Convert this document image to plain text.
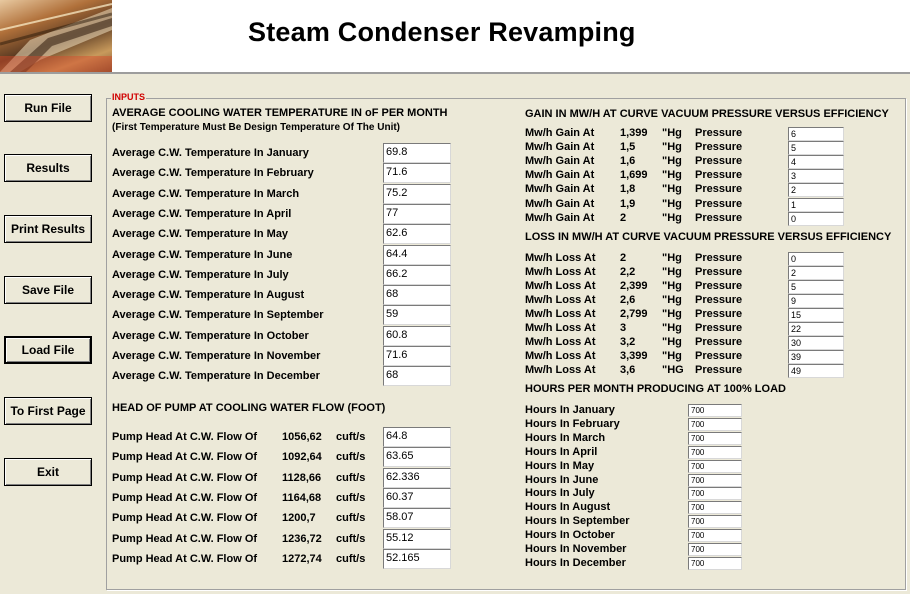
Steam Condenser Revamping
Run File
Results
Print Results
Save File
Load File
To First Page
Exit
INPUTS
AVERAGE COOLING WATER TEMPERATURE IN oF PER MONTH
(First Temperature Must Be Design Temperature Of The Unit)
Average C.W. Temperature In January	69.8
Average C.W. Temperature In February	71.6
Average C.W. Temperature In March	75.2
Average C.W. Temperature In April	77
Average C.W. Temperature In May	62.6
Average C.W. Temperature In June	64.4
Average C.W. Temperature In July	66.2
Average C.W. Temperature In August	68
Average C.W. Temperature In September	59
Average C.W. Temperature In October	60.8
Average C.W. Temperature In November	71.6
Average C.W. Temperature In December	68
HEAD OF PUMP AT COOLING WATER FLOW (FOOT)
Pump Head At C.W. Flow Of 1056,62 cuft/s 64.8
Pump Head At C.W. Flow Of 1092,64 cuft/s 63.65
Pump Head At C.W. Flow Of 1128,66 cuft/s 62.336
Pump Head At C.W. Flow Of 1164,68 cuft/s 60.37
Pump Head At C.W. Flow Of 1200,7 cuft/s 58.07
Pump Head At C.W. Flow Of 1236,72 cuft/s 55.12
Pump Head At C.W. Flow Of 1272,74 cuft/s 52.165
GAIN IN MW/H AT CURVE VACUUM PRESSURE VERSUS EFFICIENCY
Mw/h Gain At 1,399 "Hg Pressure	6
Mw/h Gain At 1,5 "Hg Pressure	5
Mw/h Gain At 1,6 "Hg Pressure	4
Mw/h Gain At 1,699 "Hg Pressure	3
Mw/h Gain At 1,8 "Hg Pressure	2
Mw/h Gain At 1,9 "Hg Pressure	1
Mw/h Gain At 2	"Hg Pressure	0
LOSS IN MW/H AT CURVE VACUUM PRESSURE VERSUS EFFICIENCY
Mw/h Loss At 2	"Hg Pressure	0
Mw/h Loss At 2,2 "Hg Pressure	2
Mw/h Loss At 2,399 "Hg Pressure	5
Mw/h Loss At 2,6 "Hg Pressure	9
Mw/h Loss At 2,799 "Hg Pressure	15
Mw/h Loss At 3	"Hg Pressure	22
Mw/h Loss At 3,2 "Hg Pressure	30
Mw/h Loss At 3,399 "Hg Pressure	39
Mw/h Loss At 3,6 "HG Pressure	49
HOURS PER MONTH PRODUCING AT 100% LOAD
Hours In January	700
Hours In February	700
Hours In March	700
Hours In April	700
Hours In May	700
Hours In June	700
Hours In July	700
Hours In August	700
Hours In September	700
Hours In October	700
Hours In November	700
Hours In December	700
